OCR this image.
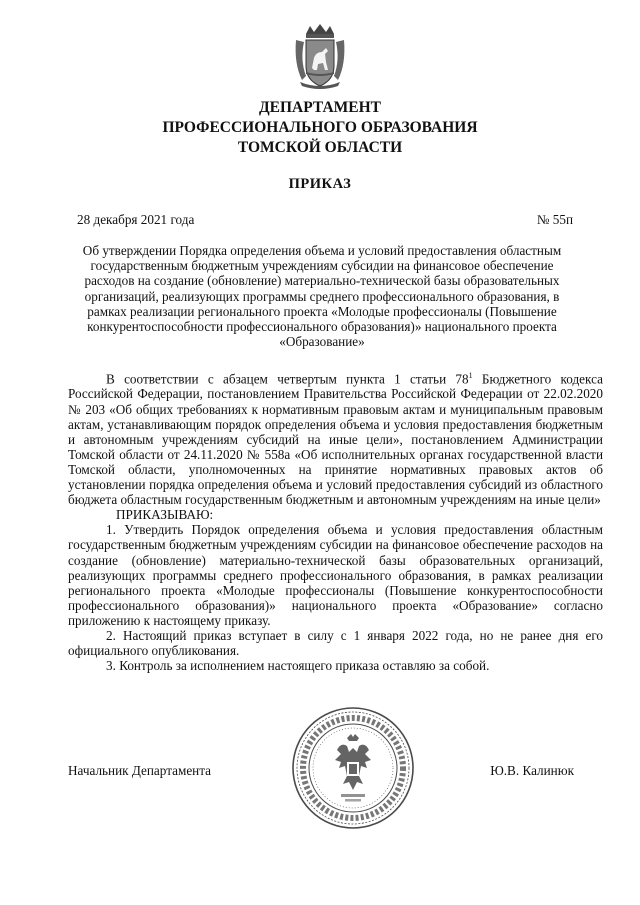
ДЕПАРТАМЕНТ
ПРОФЕССИОНАЛЬНОГО ОБРАЗОВАНИЯ
ТОМСКОЙ ОБЛАСТИ
ПРИКАЗ
28 декабря 2021 года	№ 55п
Об утверждении Порядка определения объема и условий предоставления областным государственным бюджетным учреждениям субсидии на финансовое обеспечение расходов на создание (обновление) материально-технической базы образовательных организаций, реализующих программы среднего профессионального образования, в рамках реализации регионального проекта «Молодые профессионалы (Повышение конкурентоспособности профессионального образования)» национального проекта «Образование»

В соответствии с абзацем четвертым пункта 1 статьи $78^1$ Бюджетного кодекса Российской Федерации, постановлением Правительства Российской Федерации от 22.02.2020 № 203 «Об общих требованиях к нормативным правовым актам и муниципальным правовым актам, устанавливающим порядок определения объема и условия предоставления бюджетным и автономным учреждениям субсидий на иные цели», постановлением Администрации Томской области от 24.11.2020 № 558а «Об исполнительных органах государственной власти Томской области, уполномоченных на принятие нормативных правовых актов об установлении порядка определения объема и условий предоставления субсидий из областного бюджета областным государственным бюджетным и автономным учреждениям на иные цели»

ПРИКАЗЫВАЮ:

1. Утвердить Порядок определения объема и условия предоставления областным государственным бюджетным учреждениям субсидии на финансовое обеспечение расходов на создание (обновление) материально-технической базы образовательных организаций, реализующих программы среднего профессионального образования, в рамках реализации регионального проекта «Молодые профессионалы (Повышение конкурентоспособности профессионального образования)» национального проекта «Образование» согласно приложению к настоящему приказу.

2. Настоящий приказ вступает в силу с 1 января 2022 года, но не ранее дня его официального опубликования.

3. Контроль за исполнением настоящего приказа оставляю за собой.

Начальник Департамента	Ю.В. Калинюк
